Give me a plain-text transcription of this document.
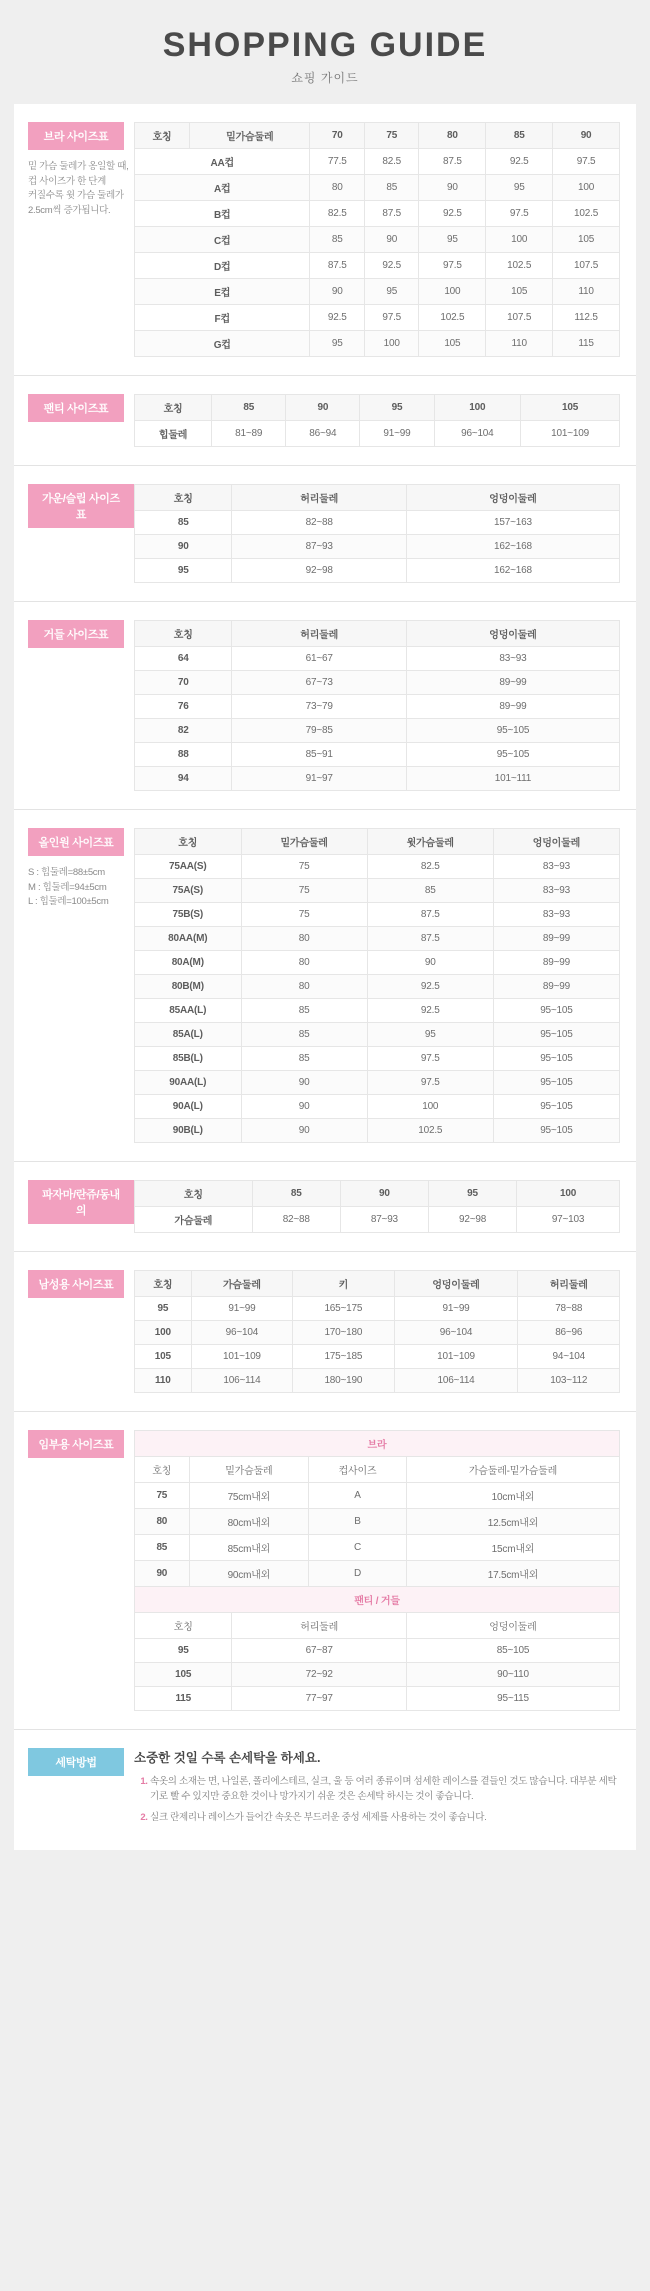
SHOPPING GUIDE
쇼핑 가이드
브라 사이즈표
밑 가슴 둘레가 옹일할 때,
컵 사이즈가 한 단계
커질수록 윗 가슴 둘레가
2.5cm씩 증가됩니다.
호칭	밑가슴둘레	70	75	80	85	90
AA컵		77.5	82.5	87.5	92.5	97.5
A컵		80	85	90	95	100
B컵		82.5	87.5	92.5	97.5	102.5
C컵		85	90	95	100	105
D컵		87.5	92.5	97.5	102.5	107.5
E컵		90	95	100	105	110
F컵		92.5	97.5	102.5	107.5	112.5
G컵		95	100	105	110	115
팬티 사이즈표	호칭	85	90	95	100	105
힙둘레	81~89	86~94	91~99	96~104	101~109
가운/슬립 사이즈표
호칭	허리둘레	엉덩이둘레
85	82~88	157~163
90	87~93	162~168
95	92~98	162~168
거들 사이즈표	호칭	허리둘레	엉덩이둘레
64	61~67	83~93
70	67~73	89~99
76	73~79	89~99
82	79~85	95~105
88	85~91	95~105
94	91~97	101~111
올인원 사이즈표
S : 힙둘레=88±5cm
M : 힙둘레=94±5cm
L : 힙둘레=100±5cm
호칭	밑가슴둘레	윗가슴둘레	엉덩이둘레
75AA(S)	75	82.5	83~93
75A(S)	75	85	83~93
75B(S)	75	87.5	83~93
80AA(M)	80	87.5	89~99
80A(M)	80	90	89~99
80B(M)	80	92.5	89~99
85AA(L)	85	92.5	95~105
85A(L)	85	95	95~105
85B(L)	85	97.5	95~105
90AA(L)	90	97.5	95~105
90A(L)	90	100	95~105
90B(L)	90	102.5	95~105
파자마/란쥬/동내의
호칭	85	90	95	100
가슴둘레	82~88	87~93	92~98	97~103
남성용 사이즈표	호칭	가슴둘레	키	엉덩이둘레	허리둘레
95	91~99	165~175	91~99	78~88
100	96~104	170~180	96~104	86~96
105	101~109	175~185	101~109	94~104
110	106~114	180~190	106~114	103~112
임부용 사이즈표	브라			
호칭	밑가슴둘레	컵사이즈	가슴둘레-밑가슴둘레
75	75cm내외	A	10cm내외
80	80cm내외	B	12.5cm내외
85	85cm내외	C	15cm내외
90	90cm내외	D	17.5cm내외
팬티 / 거들		
호칭	허리둘레	엉덩이둘레
95	67~87	85~105
105	72~92	90~110
115	77~97	95~115
세탁방법	소중한 것일 수록 손세탁을 하세요.
1. 속옷의 소재는 면, 나일론, 폴리에스테르, 실크, 울 등 여러 종류이며 섬세한 레이스를 곁들인 것도 많습니다. 대부분 세탁기로 빨 수 있지만 중요한 것이나 망가지기 쉬운 것은 손세탁 하시는 것이 좋습니다.
2. 실크 란제리나 레이스가 들어간 속옷은 부드러운 중성 세제를 사용하는 것이 좋습니다.
